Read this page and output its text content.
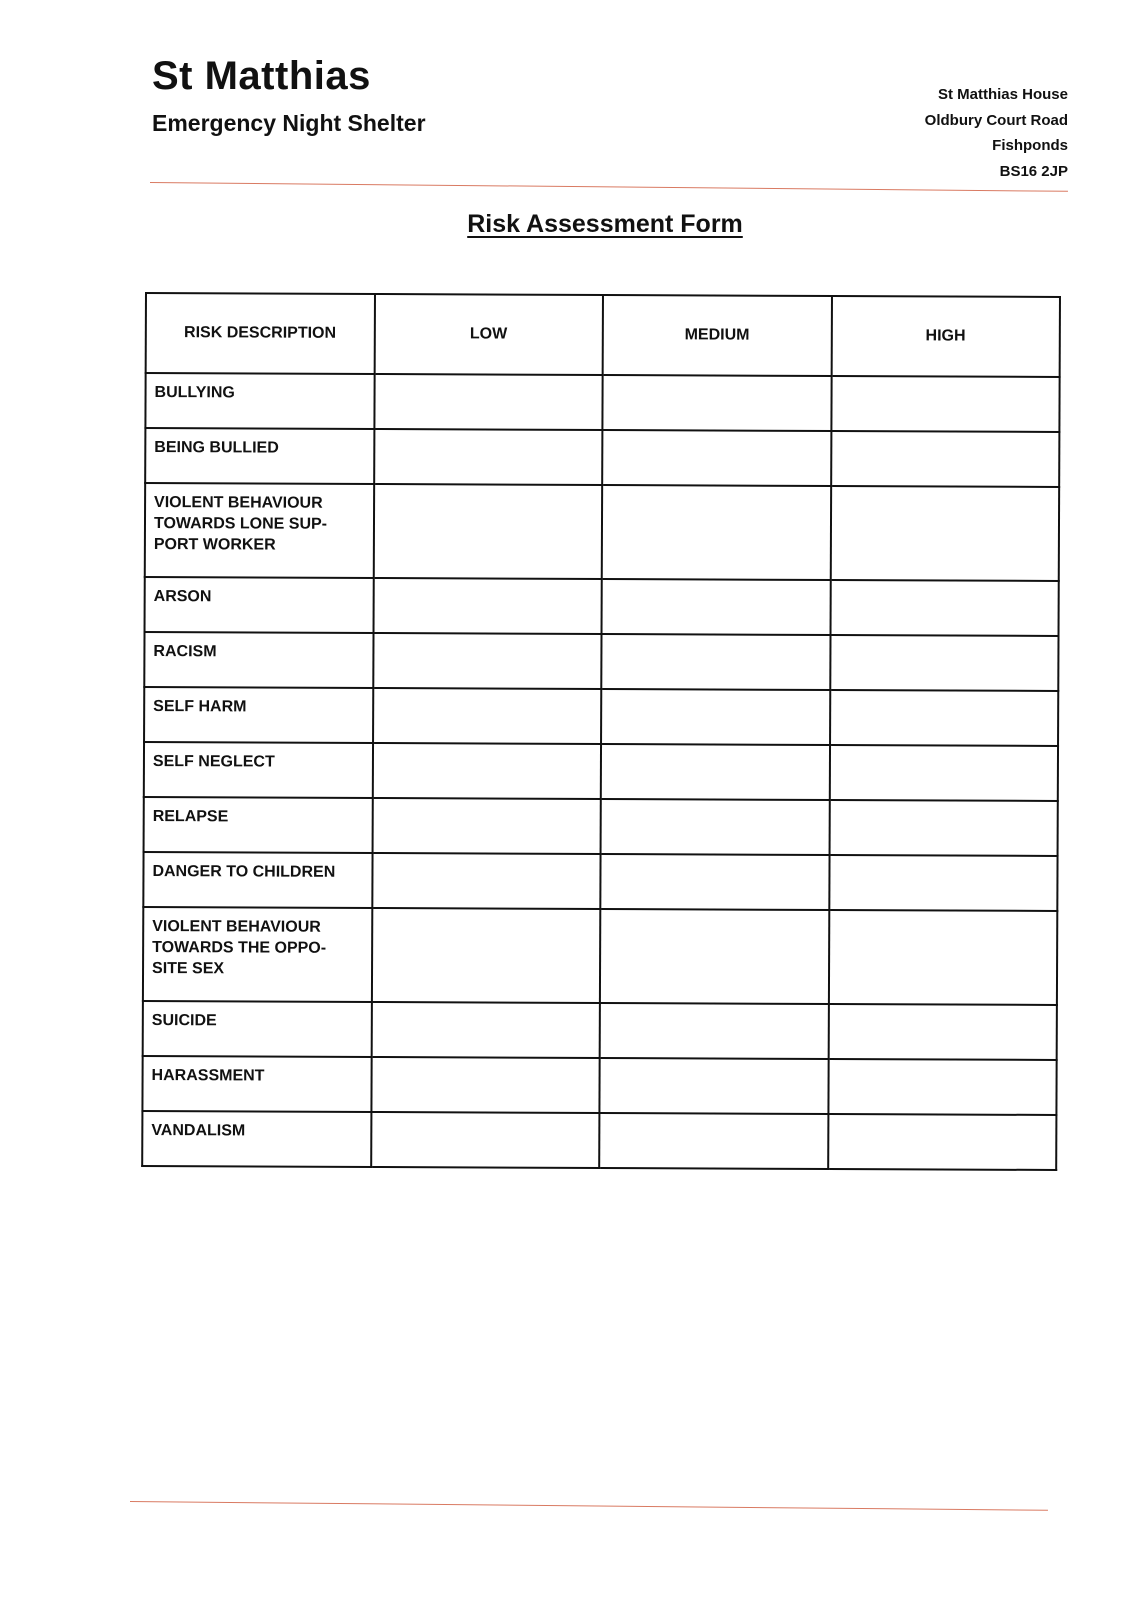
St Matthias
Emergency Night Shelter
St Matthias House
Oldbury Court Road
Fishponds
BS16 2JP
Risk Assessment Form
RISK DESCRIPTION	LOW	MEDIUM	HIGH
BULLYING			
BEING BULLIED			
VIOLENT BEHAVIOUR TOWARDS LONE SUP-PORT WORKER			
ARSON			
RACISM			
SELF HARM			
SELF NEGLECT			
RELAPSE			
DANGER TO CHILDREN			
VIOLENT BEHAVIOUR TOWARDS THE OPPO-SITE SEX			
SUICIDE			
HARASSMENT			
VANDALISM			
